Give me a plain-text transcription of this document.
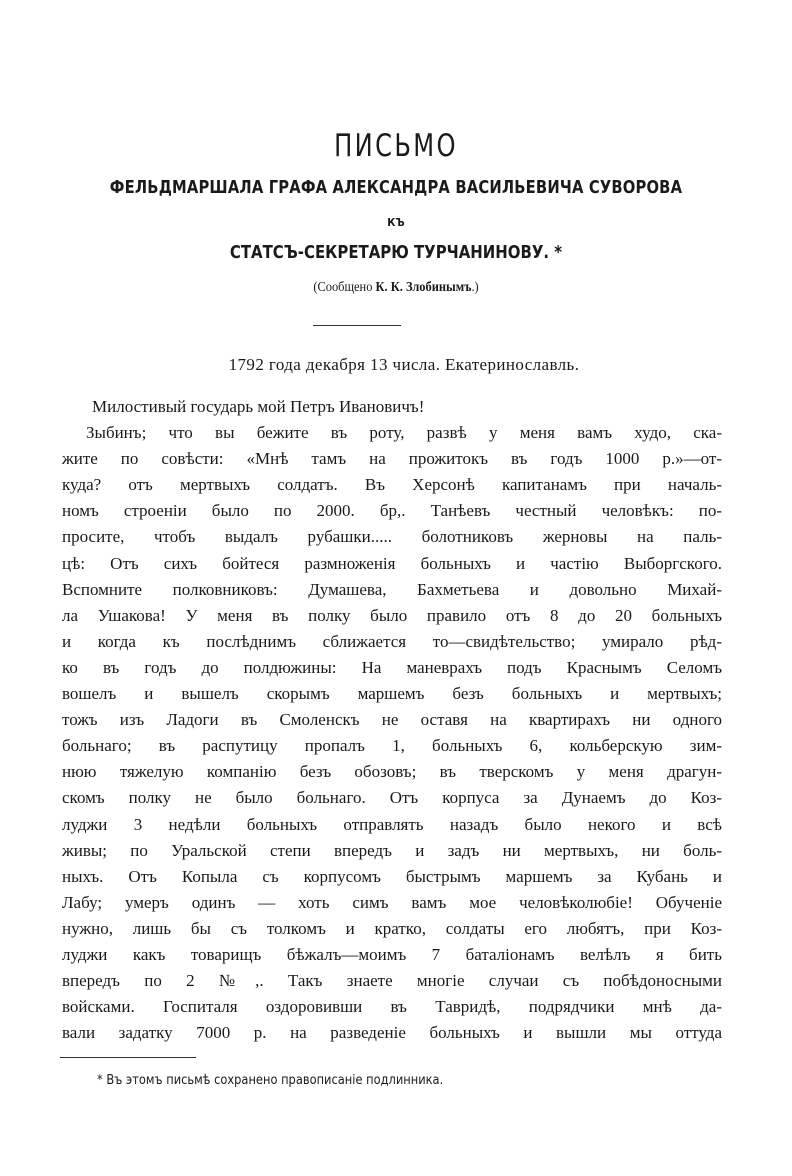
ПИСЬМО
ФЕЛЬДМАРШАЛА ГРАФА АЛЕКСАНДРА ВАСИЛЬЕВИЧА СУВОРОВА
КЪ
СТАТСЪ-СЕКРЕТАРЮ ТУРЧАНИНОВУ. *
(Сообщено К. К. Злобинымъ.)
1792 года декабря 13 числа. Екатеринославль.
Милостивый государь мой Петръ Ивановичъ!
Зыбинъ; что вы бежите въ роту, развѣ у меня вамъ худо, ска-
жите по совѣсти: «Мнѣ тамъ на прожитокъ въ годъ 1000 р.»—от-
куда? отъ мертвыхъ солдатъ. Въ Херсонѣ капитанамъ при началь-
номъ строеніи было по 2000. бр,. Танѣевъ честный человѣкъ: по-
просите, чтобъ выдалъ рубашки..... болотниковъ жерновы на паль-
цѣ: Отъ сихъ бойтеся размноженія больныхъ и частію Выборгского.
Вспомните полковниковъ: Думашева, Бахметьева и довольно Михай-
ла Ушакова! У меня въ полку было правило отъ 8 до 20 больныхъ
и когда къ послѣднимъ сближается то—свидѣтельство; умирало рѣд-
ко въ годъ до полдюжины: На маневрахъ подъ Краснымъ Селомъ
вошелъ и вышелъ скорымъ маршемъ безъ больныхъ и мертвыхъ;
тожъ изъ Ладоги въ Смоленскъ не оставя на квартирахъ ни одного
больнаго; въ распутицу пропалъ 1, больныхъ 6, кольберскую зим-
нюю тяжелую компанію безъ обозовъ; въ тверскомъ у меня драгун-
скомъ полку не было больнаго. Отъ корпуса за Дунаемъ до Коз-
луджи 3 недѣли больныхъ отправлять назадъ было некого и всѣ
живы; по Уральской степи впередъ и задъ ни мертвыхъ, ни боль-
ныхъ. Отъ Копыла съ корпусомъ быстрымъ маршемъ за Кубань и
Лабу; умеръ одинъ — хоть симъ вамъ мое человѣколюбіе! Обученіе
нужно, лишь бы съ толкомъ и кратко, солдаты его любятъ, при Коз-
луджи какъ товарищъ бѣжалъ—моимъ 7 баталіонамъ велѣлъ я бить
впередъ по 2 №,. Такъ знаете многіе случаи съ побѣдоносными
войсками. Госпиталя оздоровивши въ Тавридѣ, подрядчики мнѣ да-
вали задатку 7000 р. на разведеніе больныхъ и вышли мы оттуда
* Въ этомъ письмѣ сохранено правописаніе подлинника.
